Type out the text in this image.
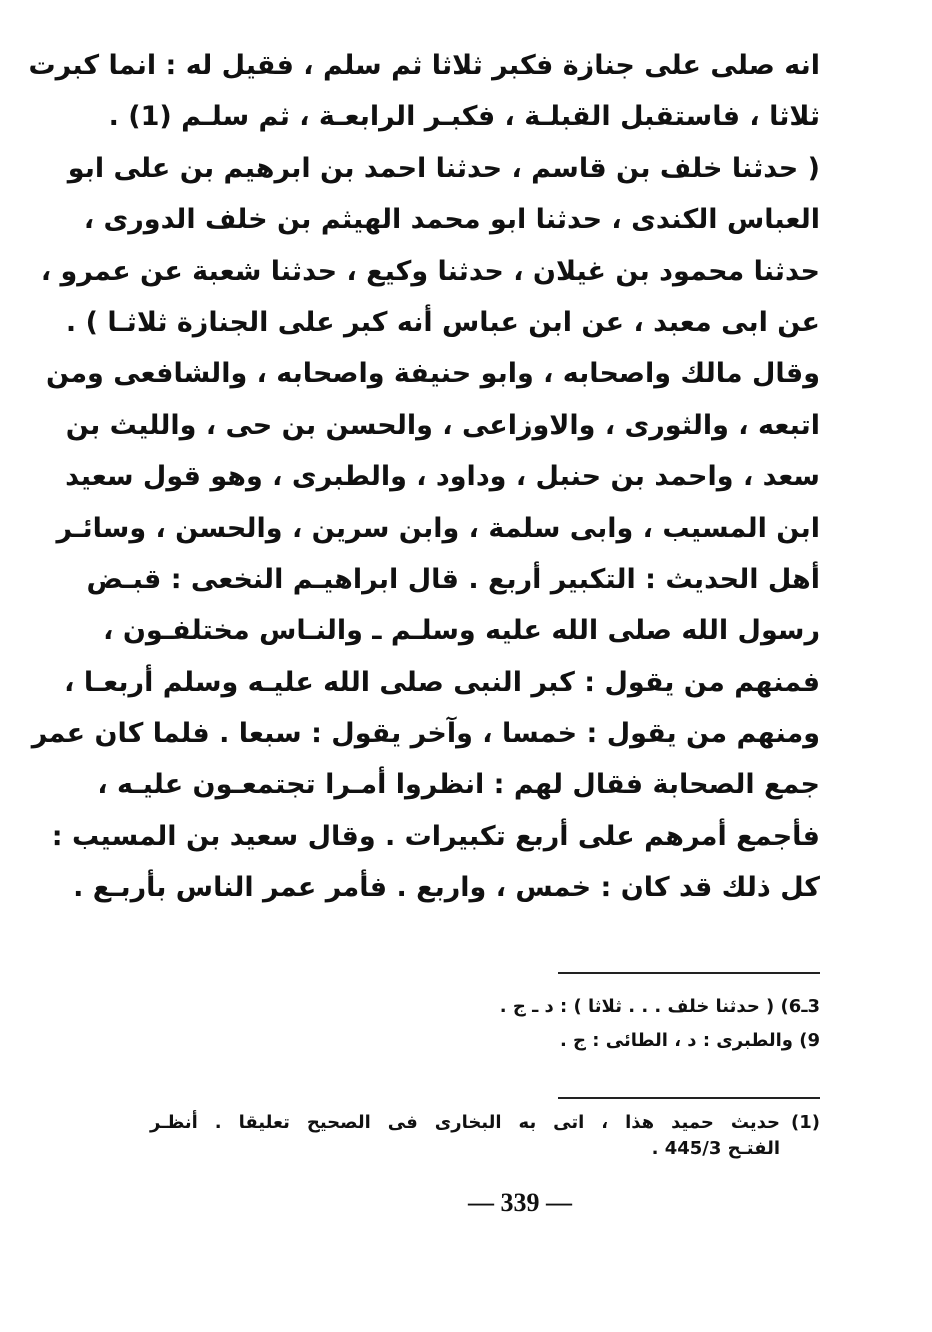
انه صلى على جنازة فكبر ثلاثا ثم سلم ، فقيل له : انما كبرت
ثلاثا ، فاستقبل القبلـة ، فكبـر الرابعـة ، ثم سلـم (1) .
( حدثنا خلف بن قاسم ، حدثنا احمد بن ابرهيم بن على ابو
العباس الكندى ، حدثنا ابو محمد الهيثم بن خلف الدورى ،
حدثنا محمود بن غيلان ، حدثنا وكيع ، حدثنا شعبة عن عمرو ،
عن ابى معبد ، عن ابن عباس أنه كبر على الجنازة ثلاثـا ) .
وقال مالك واصحابه ، وابو حنيفة واصحابه ، والشافعى ومن
اتبعه ، والثورى ، والاوزاعى ، والحسن بن حى ، والليث بن
سعد ، واحمد بن حنبل ، وداود ، والطبرى ، وهو قول سعيد
ابن المسيب ، وابى سلمة ، وابن سرين ، والحسن ، وسائـر
أهل الحديث : التكبير أربع . قال ابراهيـم النخعى : قبـض
رسول الله صلى الله عليه وسلـم ـ والنـاس مختلفـون ،
فمنهم من يقول : كبر النبى صلى الله عليـه وسلم أربعـا ،
ومنهم من يقول : خمسا ، وآخر يقول : سبعا . فلما كان عمر
جمع الصحابة فقال لهم : انظروا أمـرا تجتمعـون عليـه ،
فأجمع أمرهم على أربع تكبيرات . وقال سعيد بن المسيب :
كل ذلك قد كان : خمس ، واربع . فأمر عمر الناس بأربـع .
3ـ6) ( حدثنا خلف . . . ثلاثا ) : د ـ ج .
9) والطبرى : د ، الطائى : ج .
(1)
حديث حميد هذا ، اتى به البخارى فى الصحيح تعليقا . أنظـر
الفتـح 445/3 .
— 339 —
